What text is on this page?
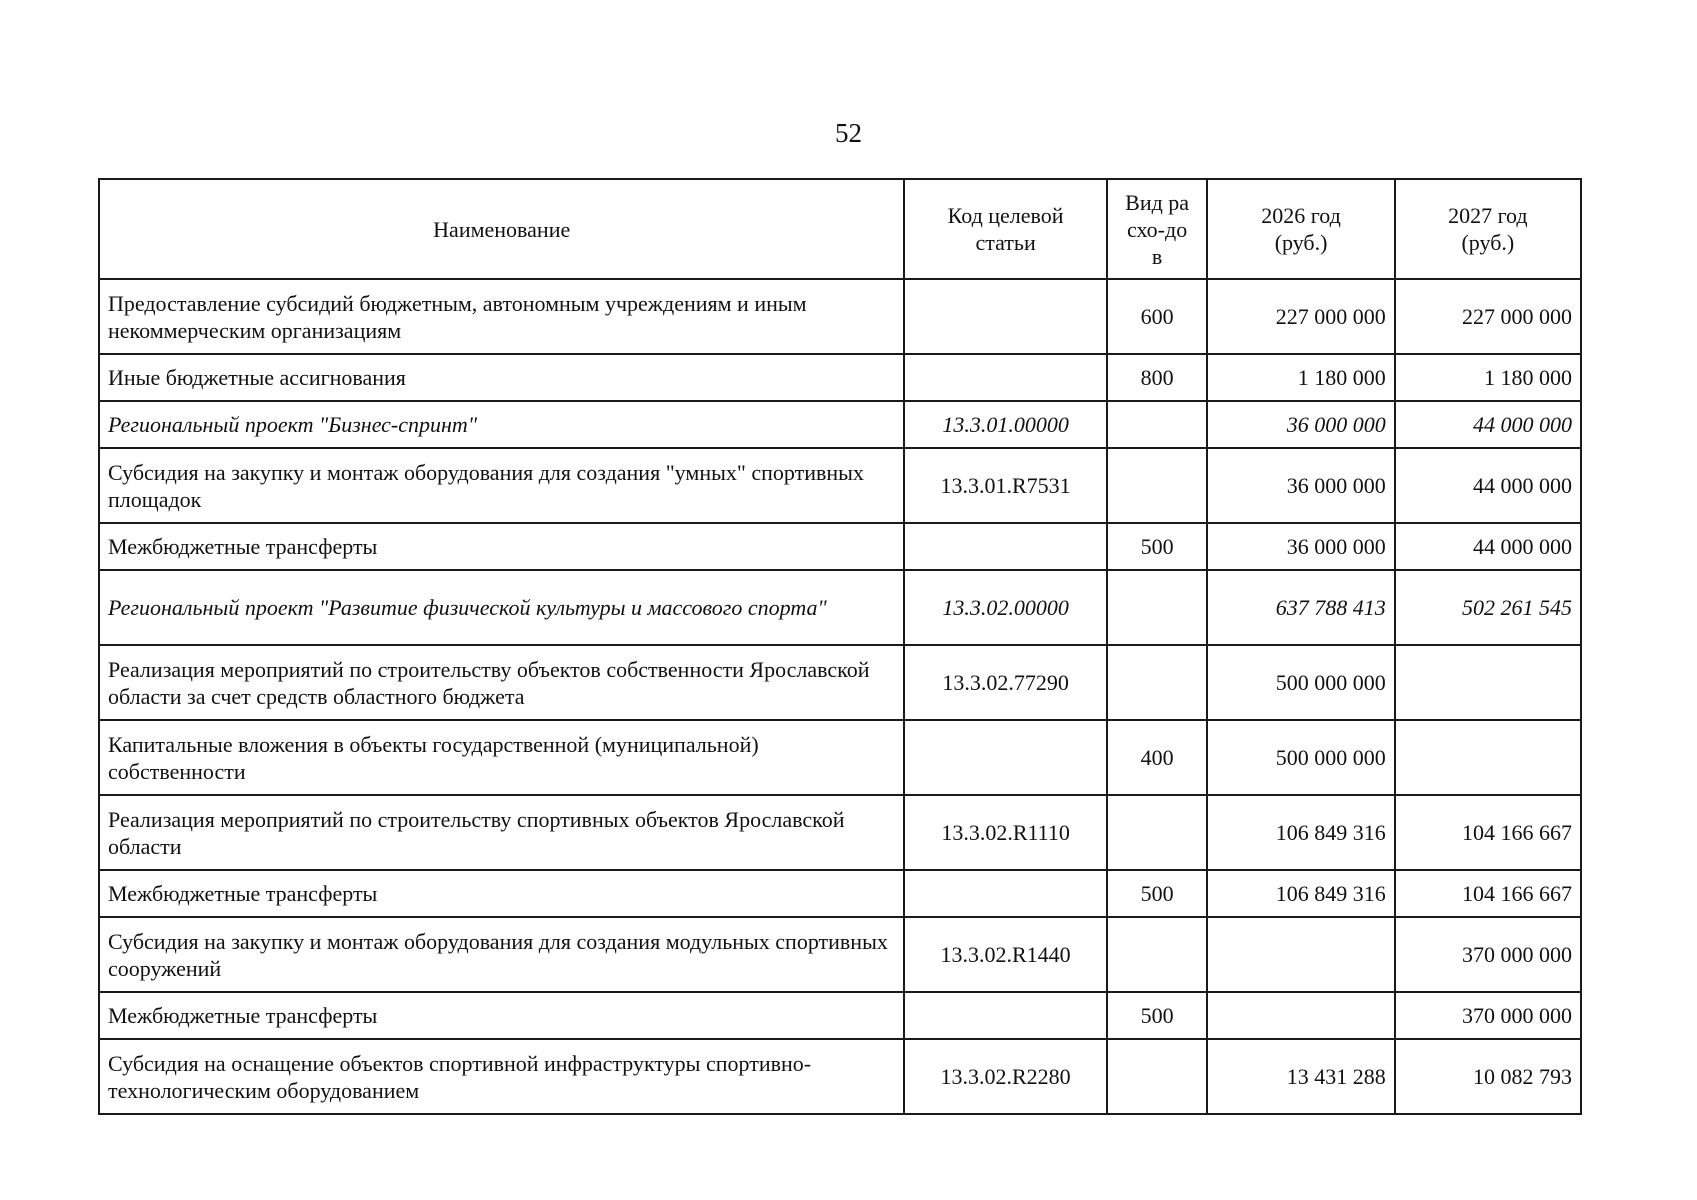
52
Наименование	Код целевой статьи	Вид расхо-дов	2026 год (руб.)	2027 год (руб.)

Предоставление субсидий бюджетным, автономным учреждениям и иным некоммерческим организациям		600	227 000 000	227 000 000
Иные бюджетные ассигнования		800	1 180 000	1 180 000
Региональный проект "Бизнес-спринт"	13.3.01.00000		36 000 000	44 000 000
Субсидия на закупку и монтаж оборудования для создания "умных" спортивных площадок	13.3.01.R7531		36 000 000	44 000 000
Межбюджетные трансферты		500	36 000 000	44 000 000
Региональный проект "Развитие физической культуры и массового спорта"	13.3.02.00000		637 788 413	502 261 545
Реализация мероприятий по строительству объектов собственности Ярославской области за счет средств областного бюджета	13.3.02.77290		500 000 000	
Капитальные вложения в объекты государственной (муниципальной) собственности		400	500 000 000	
Реализация мероприятий по строительству спортивных объектов Ярославской области	13.3.02.R1110		106 849 316	104 166 667
Межбюджетные трансферты		500	106 849 316	104 166 667
Субсидия на закупку и монтаж оборудования для создания модульных спортивных сооружений	13.3.02.R1440			370 000 000
Межбюджетные трансферты		500		370 000 000
Субсидия на оснащение объектов спортивной инфраструктуры спортивно-технологическим оборудованием	13.3.02.R2280		13 431 288	10 082 793
